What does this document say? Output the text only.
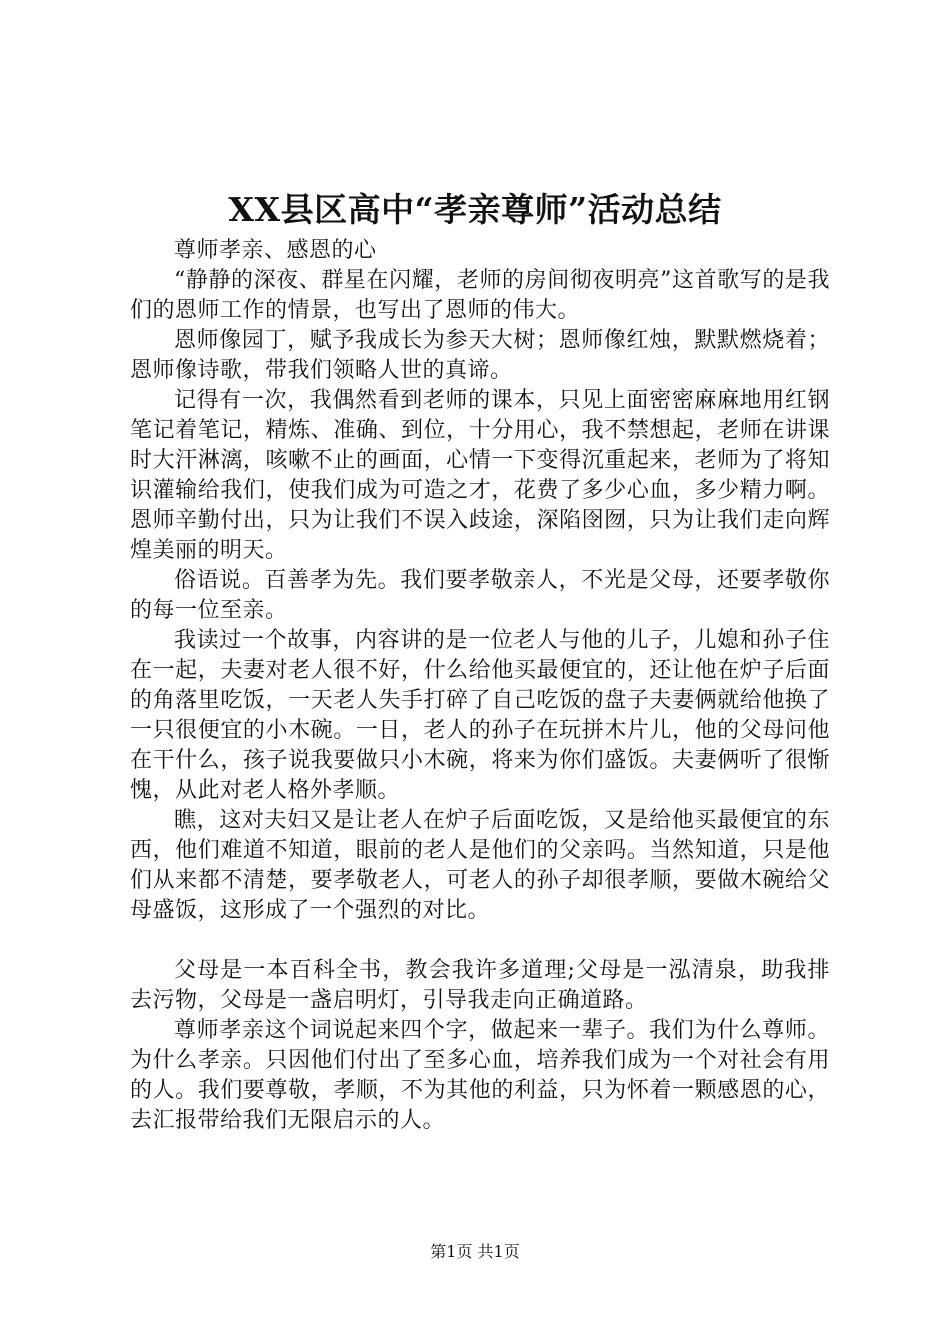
XX县区高中“孝亲尊师”活动总结

尊师孝亲、感恩的心

“静静的深夜、群星在闪耀，老师的房间彻夜明亮”这首歌写的是我们的恩师工作的情景，也写出了恩师的伟大。

恩师像园丁，赋予我成长为参天大树；恩师像红烛，默默燃烧着；恩师像诗歌，带我们领略人世的真谛。

记得有一次，我偶然看到老师的课本，只见上面密密麻麻地用红钢笔记着笔记，精炼、准确、到位，十分用心，我不禁想起，老师在讲课时大汗淋漓，咳嗽不止的画面，心情一下变得沉重起来，老师为了将知识灌输给我们，使我们成为可造之才，花费了多少心血，多少精力啊。恩师辛勤付出，只为让我们不误入歧途，深陷囹囫，只为让我们走向辉煌美丽的明天。

俗语说。百善孝为先。我们要孝敬亲人，不光是父母，还要孝敬你的每一位至亲。

我读过一个故事，内容讲的是一位老人与他的儿子，儿媳和孙子住在一起，夫妻对老人很不好，什么给他买最便宜的，还让他在炉子后面的角落里吃饭，一天老人失手打碎了自己吃饭的盘子夫妻俩就给他换了一只很便宜的小木碗。一日，老人的孙子在玩拼木片儿，他的父母问他在干什么，孩子说我要做只小木碗，将来为你们盛饭。夫妻俩听了很惭愧，从此对老人格外孝顺。

瞧，这对夫妇又是让老人在炉子后面吃饭，又是给他买最便宜的东西，他们难道不知道，眼前的老人是他们的父亲吗。当然知道，只是他们从来都不清楚，要孝敬老人，可老人的孙子却很孝顺，要做木碗给父母盛饭，这形成了一个强烈的对比。

父母是一本百科全书，教会我许多道理;父母是一泓清泉，助我排去污物，父母是一盏启明灯，引导我走向正确道路。

尊师孝亲这个词说起来四个字，做起来一辈子。我们为什么尊师。为什么孝亲。只因他们付出了至多心血，培养我们成为一个对社会有用的人。我们要尊敬，孝顺，不为其他的利益，只为怀着一颗感恩的心，去汇报带给我们无限启示的人。

第1页 共1页
